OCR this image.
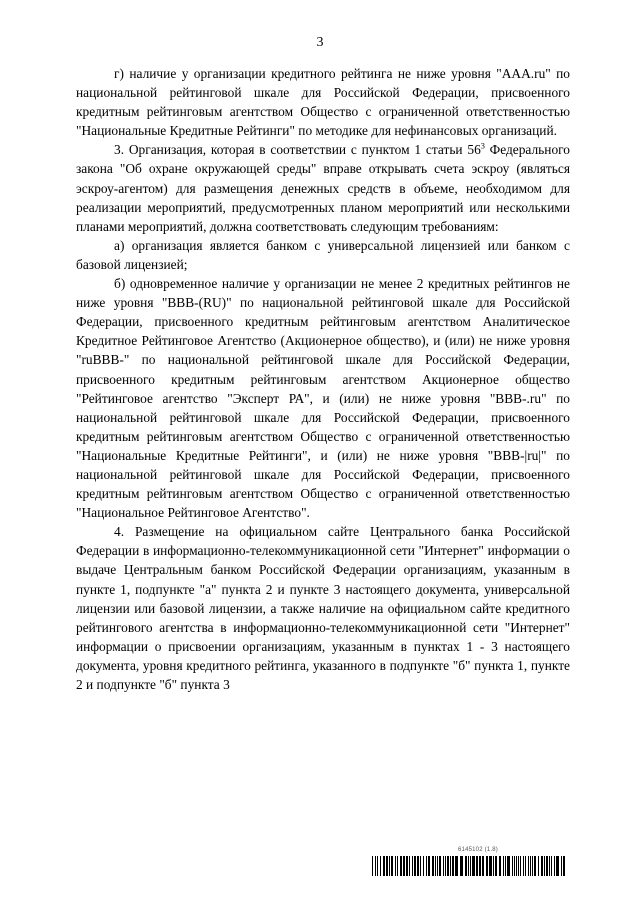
3

г) наличие у организации кредитного рейтинга не ниже уровня "AAA.ru" по национальной рейтинговой шкале для Российской Федерации, присвоенного кредитным рейтинговым агентством Общество с ограниченной ответственностью "Национальные Кредитные Рейтинги" по методике для нефинансовых организаций.

3. Организация, которая в соответствии с пунктом 1 статьи $56^3$ Федерального закона "Об охране окружающей среды" вправе открывать счета эскроу (являться эскроу-агентом) для размещения денежных средств в объеме, необходимом для реализации мероприятий, предусмотренных планом мероприятий или несколькими планами мероприятий, должна соответствовать следующим требованиям:

а) организация является банком с универсальной лицензией или банком с базовой лицензией;

б) одновременное наличие у организации не менее 2 кредитных рейтингов не ниже уровня "BBB-(RU)" по национальной рейтинговой шкале для Российской Федерации, присвоенного кредитным рейтинговым агентством Аналитическое Кредитное Рейтинговое Агентство (Акционерное общество), и (или) не ниже уровня "ruBBB-" по национальной рейтинговой шкале для Российской Федерации, присвоенного кредитным рейтинговым агентством Акционерное общество "Рейтинговое агентство "Эксперт РА", и (или) не ниже уровня "BBB-.ru" по национальной рейтинговой шкале для Российской Федерации, присвоенного кредитным рейтинговым агентством Общество с ограниченной ответственностью "Национальные Кредитные Рейтинги", и (или) не ниже уровня "BBB-|ru|" по национальной рейтинговой шкале для Российской Федерации, присвоенного кредитным рейтинговым агентством Общество с ограниченной ответственностью "Национальное Рейтинговое Агентство".

4. Размещение на официальном сайте Центрального банка Российской Федерации в информационно-телекоммуникационной сети "Интернет" информации о выдаче Центральным банком Российской Федерации организациям, указанным в пункте 1, подпункте "а" пункта 2 и пункте 3 настоящего документа, универсальной лицензии или базовой лицензии, а также наличие на официальном сайте кредитного рейтингового агентства в информационно-телекоммуникационной сети "Интернет" информации о присвоении организациям, указанным в пунктах 1 - 3 настоящего документа, уровня кредитного рейтинга, указанного в подпункте "б" пункта 1, пункте 2 и подпункте "б" пункта 3

6145102 (1.8)
